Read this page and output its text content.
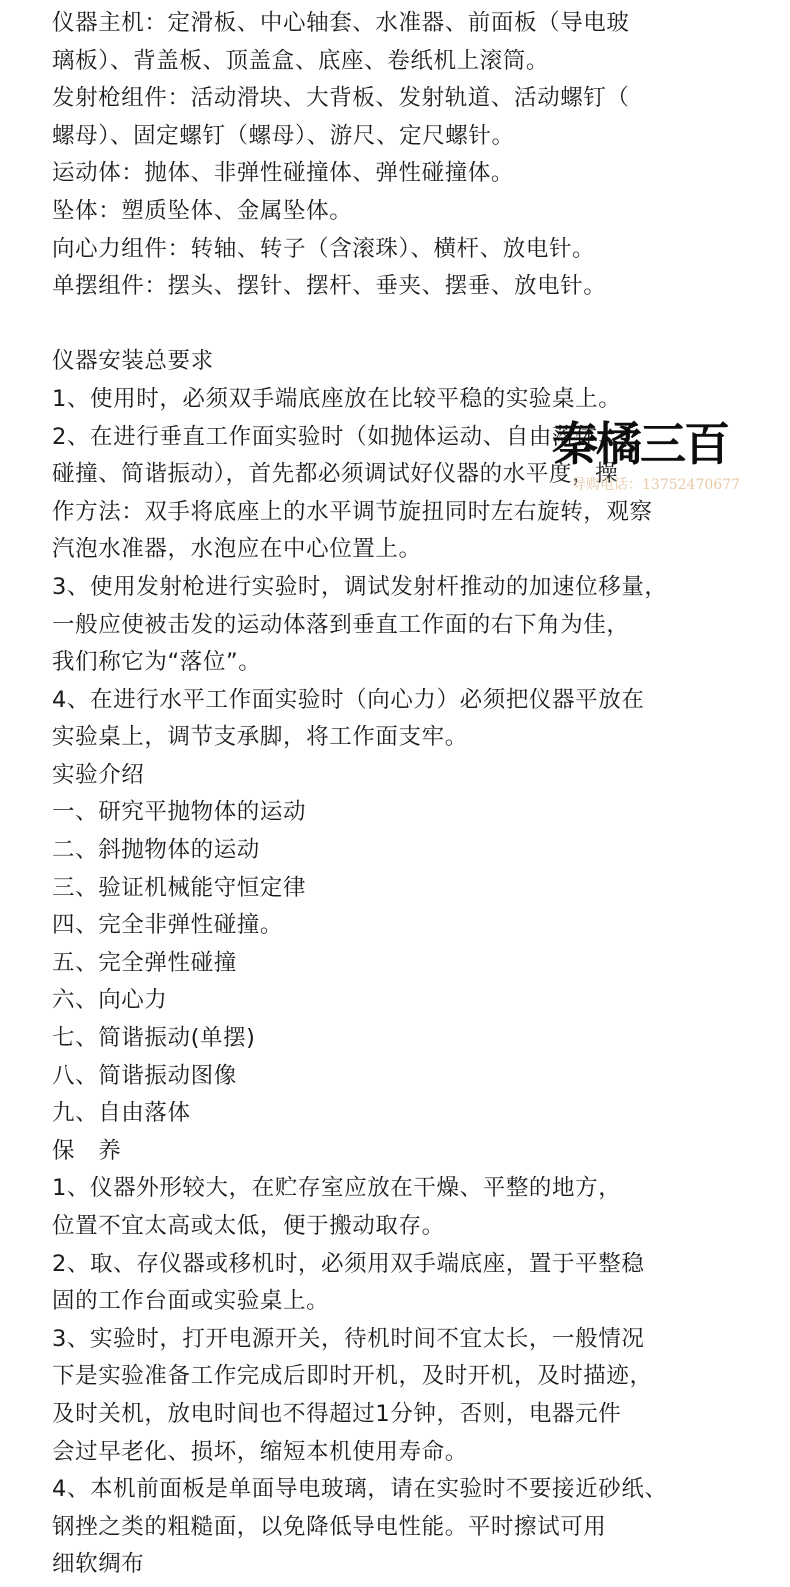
仪器主机：定滑板、中心轴套、水准器、前面板（导电玻
璃板）、背盖板、顶盖盒、底座、卷纸机上滚筒。
发射枪组件：活动滑块、大背板、发射轨道、活动螺钉（
螺母）、固定螺钉（螺母）、游尺、定尺螺针。
运动体：抛体、非弹性碰撞体、弹性碰撞体。
坠体：塑质坠体、金属坠体。
向心力组件：转轴、转子（含滚珠）、横杆、放电针。
单摆组件：摆头、摆针、摆杆、垂夹、摆垂、放电针。
仪器安装总要求
1、使用时，必须双手端底座放在比较平稳的实验桌上。
2、在进行垂直工作面实验时（如抛体运动、自由落体、
碰撞、简谐振动），首先都必须调试好仪器的水平度，操
作方法：双手将底座上的水平调节旋扭同时左右旋转，观察
汽泡水准器，水泡应在中心位置上。
3、使用发射枪进行实验时，调试发射杆推动的加速位移量，
一般应使被击发的运动体落到垂直工作面的右下角为佳，
我们称它为“落位”。
4、在进行水平工作面实验时（向心力）必须把仪器平放在
实验桌上，调节支承脚，将工作面支牢。
实验介绍
一、研究平抛物体的运动
二、斜抛物体的运动
三、验证机械能守恒定律
四、完全非弹性碰撞。
五、完全弹性碰撞
六、向心力
七、简谐振动(单摆)
八、简谐振动图像
九、自由落体
保　养
1、仪器外形较大，在贮存室应放在干燥、平整的地方，
位置不宜太高或太低，便于搬动取存。
2、取、存仪器或移机时，必须用双手端底座，置于平整稳
固的工作台面或实验桌上。
3、实验时，打开电源开关，待机时间不宜太长，一般情况
下是实验准备工作完成后即时开机，及时开机，及时描迹，
及时关机，放电时间也不得超过1分钟，否则，电器元件
会过早老化、损坏，缩短本机使用寿命。
4、本机前面板是单面导电玻璃，请在实验时不要接近砂纸、
钢挫之类的粗糙面，以免降低导电性能。平时擦试可用
细软绸布
秦橘三百
导购电话：13752470677
